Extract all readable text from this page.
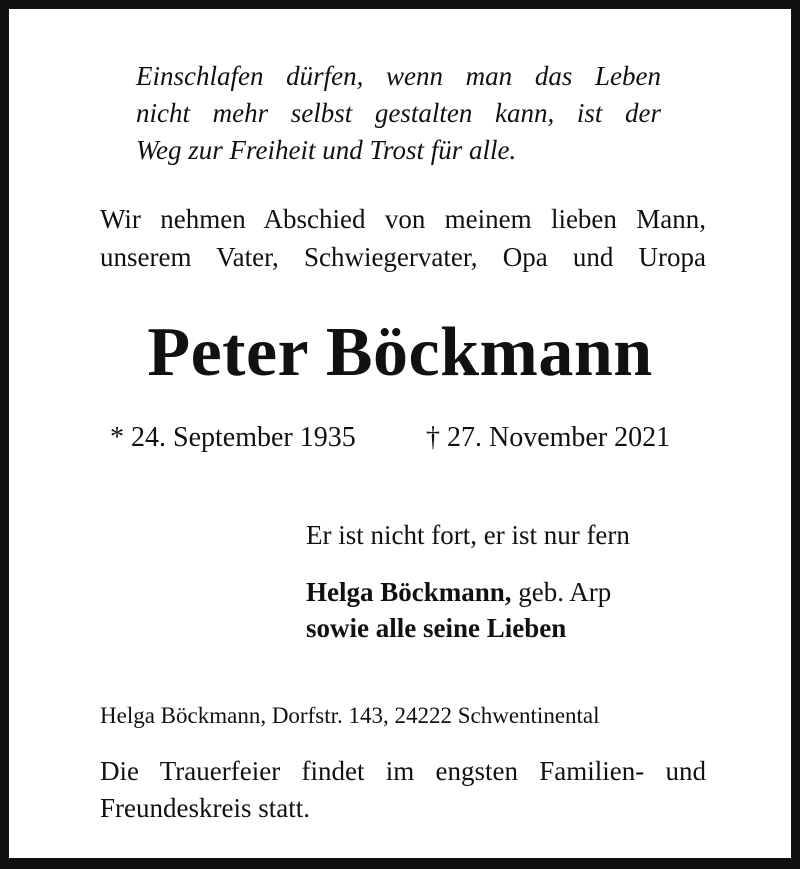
Einschlafen dürfen, wenn man das Leben
nicht mehr selbst gestalten kann, ist der
Weg zur Freiheit und Trost für alle.
Wir nehmen Abschied von meinem lieben Mann,
unserem Vater, Schwiegervater, Opa und Uropa
Peter Böckmann
* 24. September 1935	† 27. November 2021
Er ist nicht fort, er ist nur fern
Helga Böckmann, geb. Arp
sowie alle seine Lieben
Helga Böckmann, Dorfstr. 143, 24222 Schwentinental
Die Trauerfeier findet im engsten Familien- und
Freundeskreis statt.
